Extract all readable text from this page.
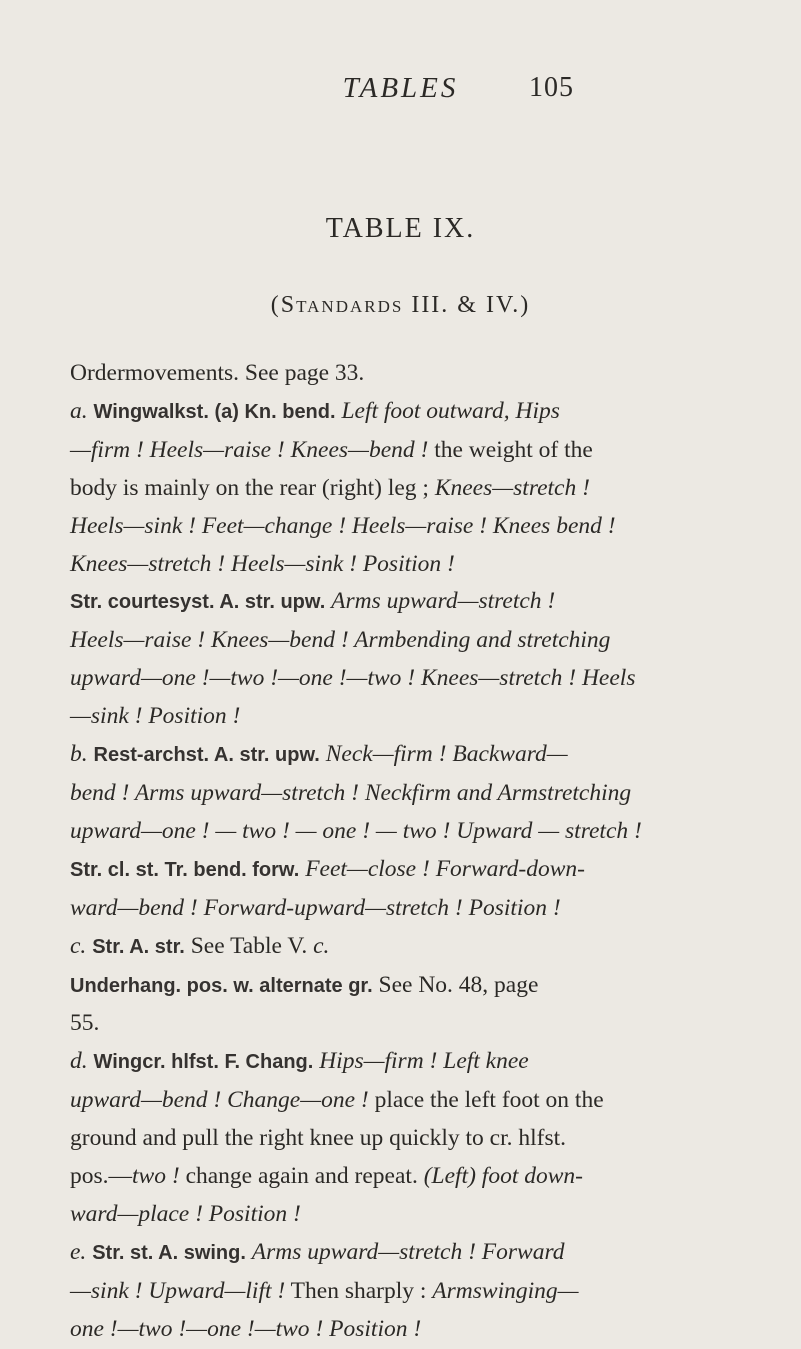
TABLES	105
TABLE IX.
(Standards III. & IV.)
Ordermovements. See page 33.
a. Wingwalkst. (a) Kn. bend. Left foot outward, Hips
—firm ! Heels—raise ! Knees—bend ! the weight of the
body is mainly on the rear (right) leg ; Knees—stretch !
Heels—sink ! Feet—change ! Heels—raise ! Knees bend !
Knees—stretch ! Heels—sink ! Position !
Str. courtesyst. A. str. upw. Arms upward—stretch !
Heels—raise ! Knees—bend ! Armbending and stretching
upward—one !—two !—one !—two ! Knees—stretch ! Heels
—sink ! Position !
b. Rest-archst. A. str. upw. Neck—firm ! Backward—
bend ! Arms upward—stretch ! Neckfirm and Armstretching
upward—one ! — two ! — one ! — two ! Upward — stretch !
Str. cl. st. Tr. bend. forw. Feet—close ! Forward-down-
ward—bend ! Forward-upward—stretch ! Position !
c. Str. A. str. See Table V. c.
Underhang. pos. w. alternate gr. See No. 48, page
55.
d. Wingcr. hlfst. F. Chang. Hips—firm ! Left knee
upward—bend ! Change—one ! place the left foot on the
ground and pull the right knee up quickly to cr. hlfst.
pos.—two ! change again and repeat. (Left) foot down-
ward—place ! Position !
e. Str. st. A. swing. Arms upward—stretch ! Forward
—sink ! Upward—lift ! Then sharply : Armswinging—
one !—two !—one !—two ! Position !
